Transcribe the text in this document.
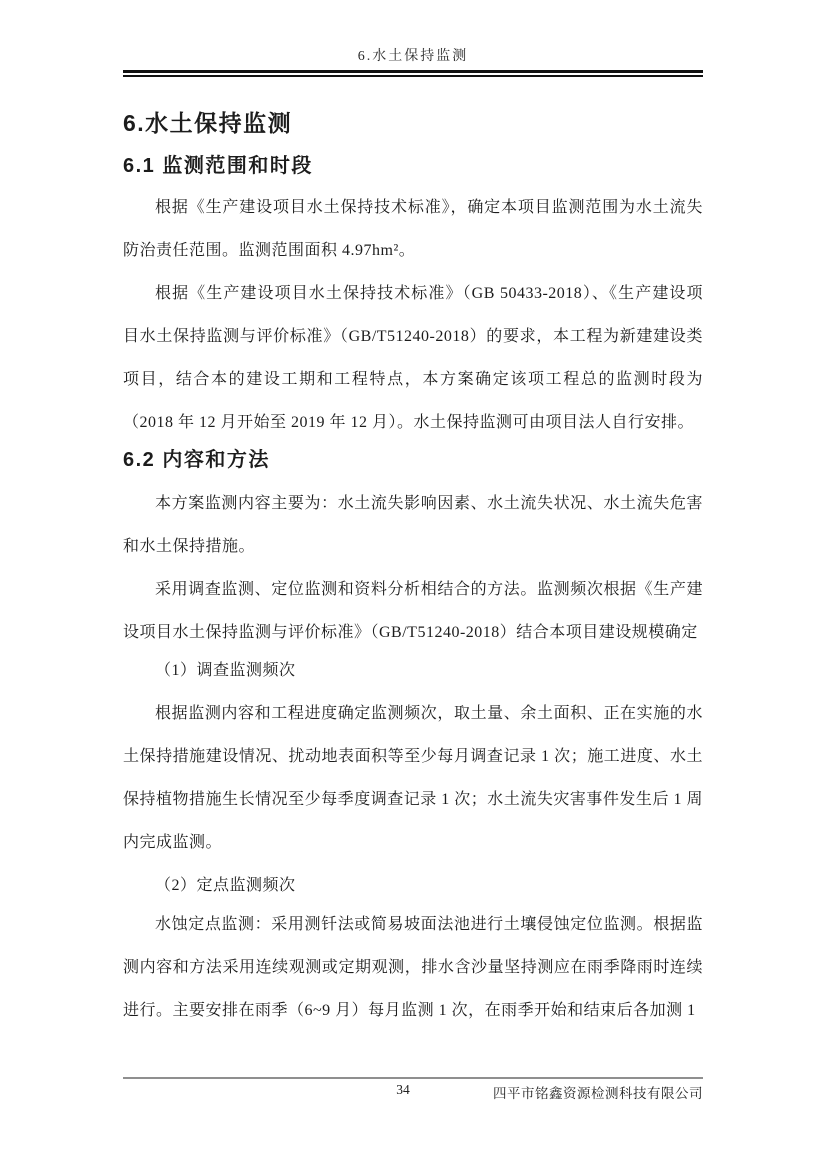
6.水土保持监测
6.水土保持监测
6.1 监测范围和时段

根据《生产建设项目水土保持技术标准》，确定本项目监测范围为水土流失防治责任范围。监测范围面积 4.97hm²。

根据《生产建设项目水土保持技术标准》（GB 50433-2018）、《生产建设项目水土保持监测与评价标准》（GB/T51240-2018）的要求，本工程为新建建设类项目，结合本的建设工期和工程特点，本方案确定该项工程总的监测时段为（2018 年 12 月开始至 2019 年 12 月）。水土保持监测可由项目法人自行安排。

6.2 内容和方法

本方案监测内容主要为：水土流失影响因素、水土流失状况、水土流失危害和水土保持措施。

采用调查监测、定位监测和资料分析相结合的方法。监测频次根据《生产建设项目水土保持监测与评价标准》（GB/T51240-2018）结合本项目建设规模确定

（1）调查监测频次

根据监测内容和工程进度确定监测频次，取土量、余土面积、正在实施的水土保持措施建设情况、扰动地表面积等至少每月调查记录 1 次；施工进度、水土保持植物措施生长情况至少每季度调查记录 1 次；水土流失灾害事件发生后 1 周内完成监测。

（2）定点监测频次

水蚀定点监测：采用测钎法或简易坡面法池进行土壤侵蚀定位监测。根据监测内容和方法采用连续观测或定期观测，排水含沙量坚持测应在雨季降雨时连续进行。主要安排在雨季（6~9 月）每月监测 1 次，在雨季开始和结束后各加测 1

34	四平市铭鑫资源检测科技有限公司
